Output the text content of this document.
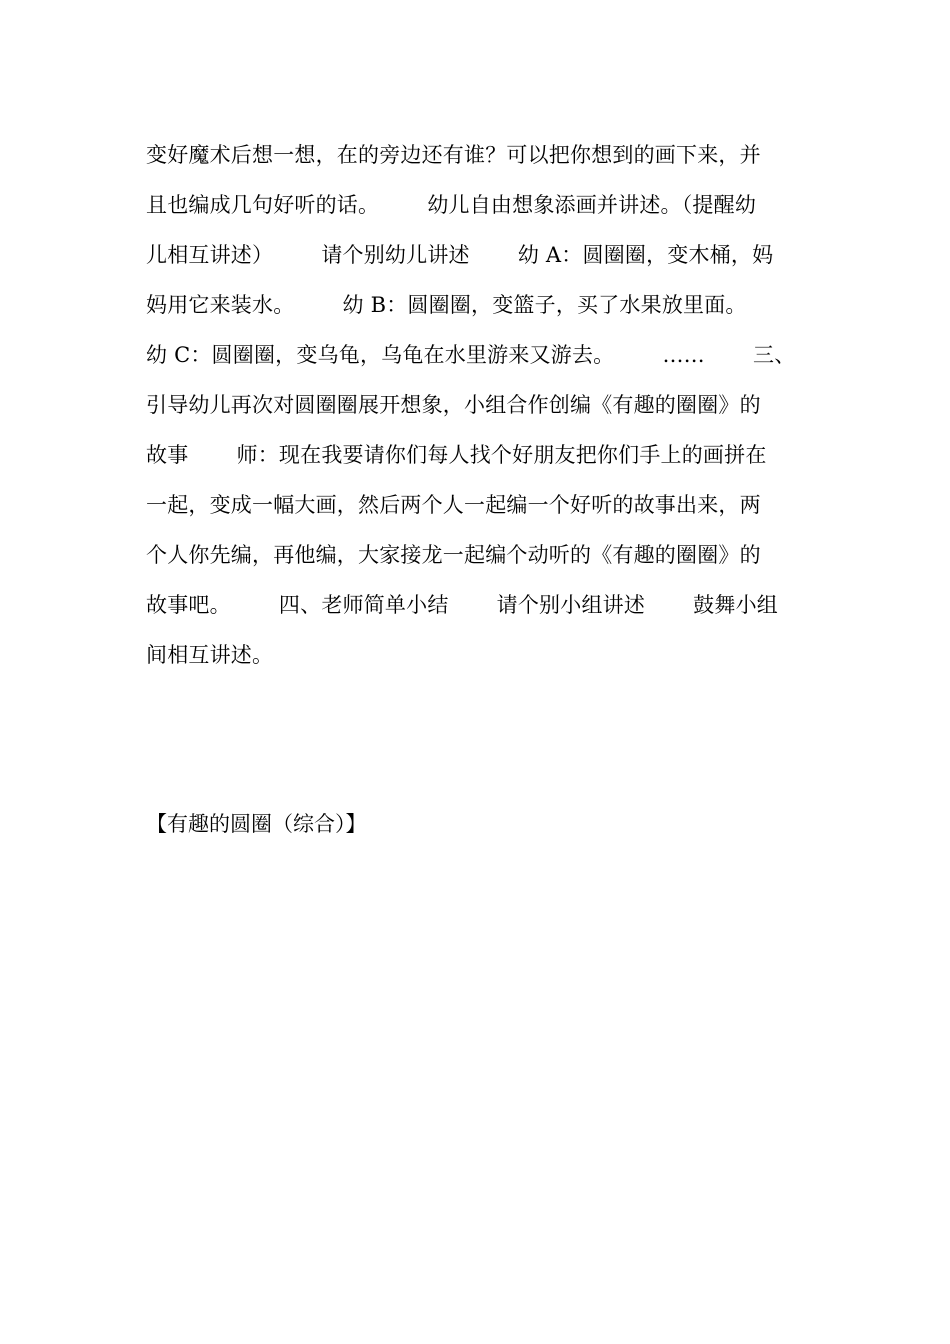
变好魔术后想一想，在的旁边还有谁？可以把你想到的画下来，并
且也编成几句好听的话。       幼儿自由想象添画并讲述。（提醒幼
儿相互讲述）       请个别幼儿讲述       幼 A：圆圈圈，变木桶，妈
妈用它来装水。       幼 B：圆圈圈，变篮子，买了水果放里面。
幼 C：圆圈圈，变乌龟，乌龟在水里游来又游去。       ……       三、
引导幼儿再次对圆圈圈展开想象，小组合作创编《有趣的圈圈》的
故事       师：现在我要请你们每人找个好朋友把你们手上的画拼在
一起，变成一幅大画，然后两个人一起编一个好听的故事出来，两
个人你先编，再他编，大家接龙一起编个动听的《有趣的圈圈》的
故事吧。       四、老师简单小结       请个别小组讲述       鼓舞小组
间相互讲述。
【有趣的圆圈（综合）】
